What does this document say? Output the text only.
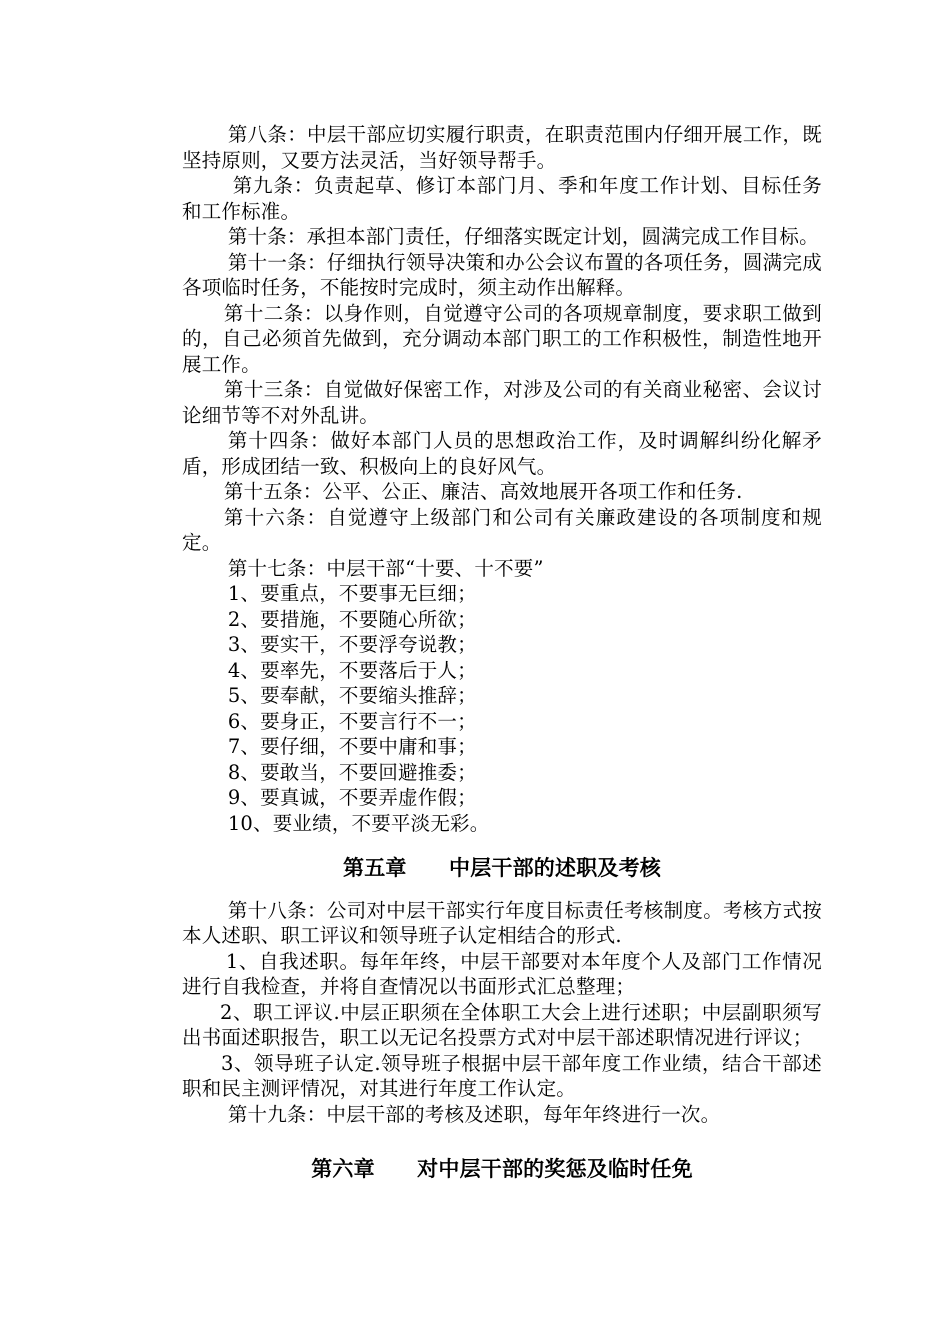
第八条：中层干部应切实履行职责，在职责范围内仔细开展工作，既坚持原则，又要方法灵活，当好领导帮手。

第九条：负责起草、修订本部门月、季和年度工作计划、目标任务和工作标准。

第十条：承担本部门责任，仔细落实既定计划，圆满完成工作目标。

第十一条：仔细执行领导决策和办公会议布置的各项任务，圆满完成各项临时任务，不能按时完成时，须主动作出解释。

第十二条：以身作则，自觉遵守公司的各项规章制度，要求职工做到的，自己必须首先做到，充分调动本部门职工的工作积极性，制造性地开展工作。

第十三条：自觉做好保密工作，对涉及公司的有关商业秘密、会议讨论细节等不对外乱讲。

第十四条：做好本部门人员的思想政治工作，及时调解纠纷化解矛盾，形成团结一致、积极向上的良好风气。

第十五条：公平、公正、廉洁、高效地展开各项工作和任务.

第十六条：自觉遵守上级部门和公司有关廉政建设的各项制度和规定。

第十七条：中层干部“十要、十不要”

1、要重点，不要事无巨细；

2、要措施，不要随心所欲；

3、要实干，不要浮夸说教；

4、要率先，不要落后于人；

5、要奉献，不要缩头推辞；

6、要身正，不要言行不一；

7、要仔细，不要中庸和事；

8、要敢当，不要回避推委；

9、要真诚，不要弄虚作假；

10、要业绩，不要平淡无彩。

第五章　　中层干部的述职及考核

第十八条：公司对中层干部实行年度目标责任考核制度。考核方式按本人述职、职工评议和领导班子认定相结合的形式.

1、自我述职。每年年终，中层干部要对本年度个人及部门工作情况进行自我检查，并将自查情况以书面形式汇总整理；

2、职工评议.中层正职须在全体职工大会上进行述职；中层副职须写出书面述职报告，职工以无记名投票方式对中层干部述职情况进行评议；

3、领导班子认定.领导班子根据中层干部年度工作业绩，结合干部述职和民主测评情况，对其进行年度工作认定。

第十九条：中层干部的考核及述职，每年年终进行一次。

第六章　　对中层干部的奖惩及临时任免
